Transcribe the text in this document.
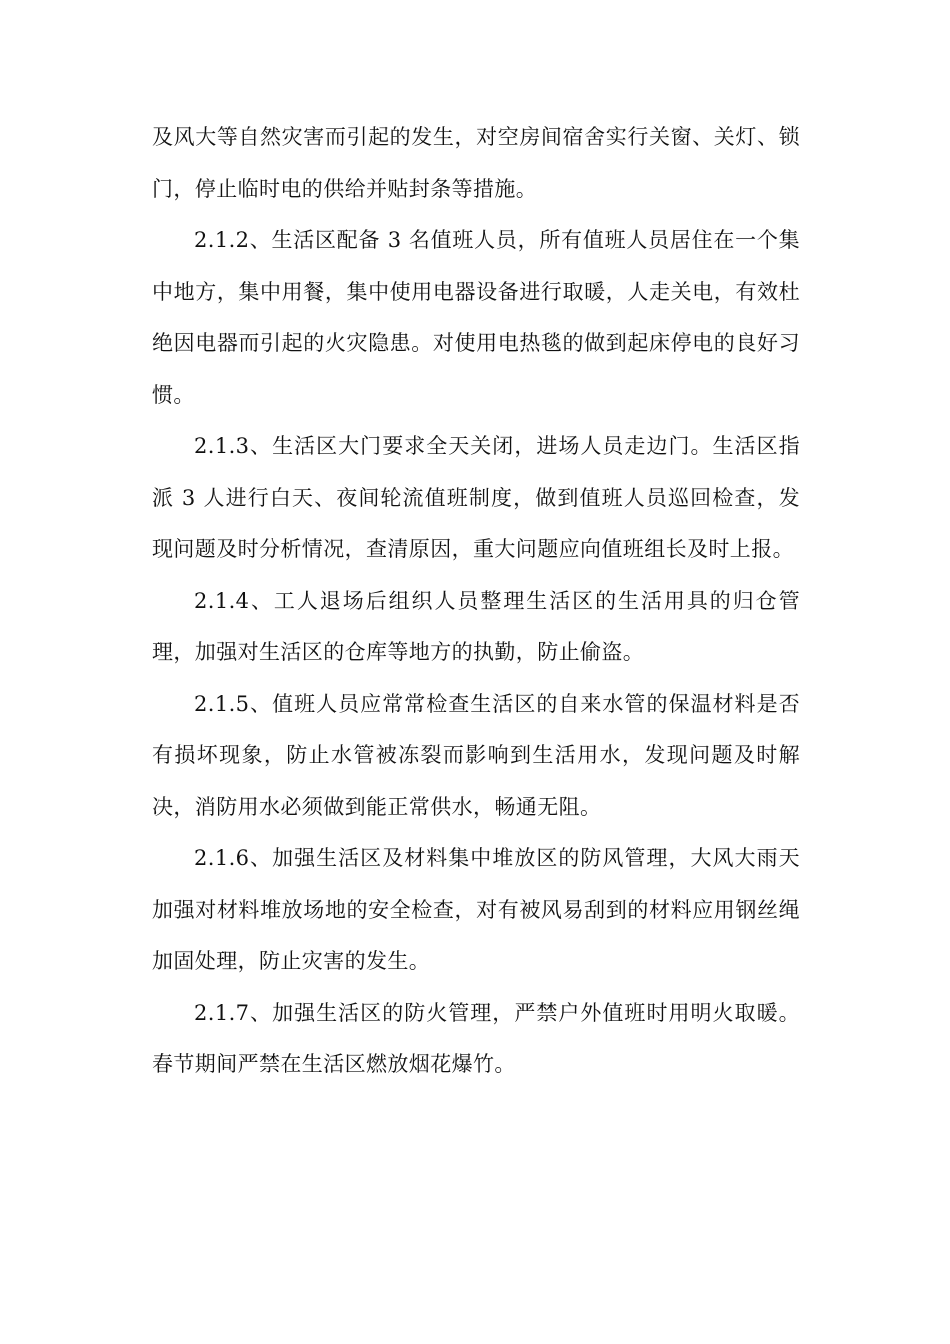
及风大等自然灾害而引起的发生，对空房间宿舍实行关窗、关灯、锁门，停止临时电的供给并贴封条等措施。

2.1.2、生活区配备 3 名值班人员，所有值班人员居住在一个集中地方，集中用餐，集中使用电器设备进行取暖，人走关电，有效杜绝因电器而引起的火灾隐患。对使用电热毯的做到起床停电的良好习惯。

2.1.3、生活区大门要求全天关闭，进场人员走边门。生活区指派 3 人进行白天、夜间轮流值班制度，做到值班人员巡回检查，发现问题及时分析情况，查清原因，重大问题应向值班组长及时上报。

2.1.4、工人退场后组织人员整理生活区的生活用具的归仓管理，加强对生活区的仓库等地方的执勤，防止偷盗。

2.1.5、值班人员应常常检查生活区的自来水管的保温材料是否有损坏现象，防止水管被冻裂而影响到生活用水，发现问题及时解决，消防用水必须做到能正常供水，畅通无阻。

2.1.6、加强生活区及材料集中堆放区的防风管理，大风大雨天加强对材料堆放场地的安全检查，对有被风易刮到的材料应用钢丝绳加固处理，防止灾害的发生。

2.1.7、加强生活区的防火管理，严禁户外值班时用明火取暖。春节期间严禁在生活区燃放烟花爆竹。
